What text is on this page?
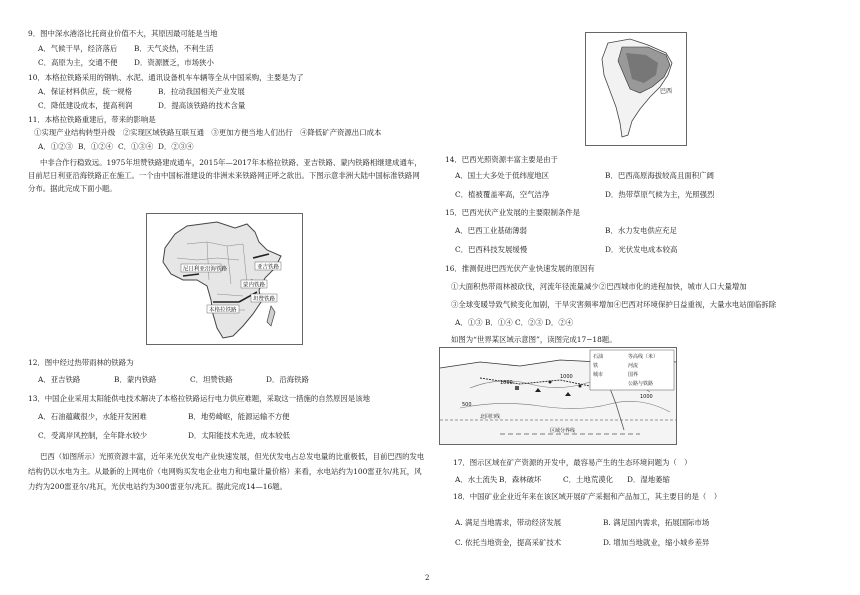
9．图中深水港洛比托商业价值不大，其原因最可能是当地
A．气候干旱，经济落后 B．天气炎热，不利生活
C．高原为主，交通不便 D．资源匮乏，市场狭小
10．本格拉铁路采用的钢轨、水泥、通讯设备机车车辆等全从中国采购，主要是为了
A．保证材料供应，统一规格	B．拉动我国相关产业发展
C．降低建设成本，提高利润	D．提高该铁路的技术含量
11．本格拉铁路重建后，带来的影响是
①实现产业结构转型升级　②实现区域铁路互联互通　③更加方便当地人们出行　④降低矿产资源出口成本
A．①②③ B．①②④ C．①③④ D．②③④
中非合作行稳致远。1975年坦赞铁路建成通车，2015年—2017年本格拉铁路、亚吉铁路、蒙内铁路相继建成通车，目前尼日利亚沿海铁路正在施工。一个由中国标准建设的非洲未来铁路网正呼之欲出。下图示意非洲大陆中国标准铁路网分布。据此完成下面小题。
尼日利亚沿海铁路	亚吉铁路
蒙内铁路
本格拉铁路
坦赞铁路
12．图中经过热带雨林的铁路为
A．亚吉铁路	B．蒙内铁路	C．坦赞铁路	D．沿海铁路
13．中国企业采用太阳能供电技术解决了本格拉铁路运行电力供应难题，采取这一措施的自然原因是该地
A．石油蕴藏很少，水能开发困难	B．地势崎岖，能源运输不方便
C．受离岸风控制，全年降水较少	D．太阳能技术先进，成本较低
巴西（如图所示）光照资源丰富，近年来光伏发电产业快速发展，但光伏发电占总发电量的比重极低，目前巴西的发电结构仍以水电为主。从最新的上网电价（电网购买发电企业电力和电量计量价格）来看，水电站约为100雷亚尔/兆瓦，风力约为200雷亚尔/兆瓦，光伏电站约为300雷亚尔/兆瓦。据此完成14—16题。
巴西
14．巴西光照资源丰富主要是由于
A．国土大多处于低纬度地区	B．巴西高原海拔较高且面积广阔
C．植被覆盖率高，空气洁净	D．热带草原气候为主，光照强烈
15．巴西光伏产业发展的主要限制条件是
A．巴西工业基础薄弱	B．水力发电供应充足
C．巴西科技发展缓慢	D．光伏发电成本较高
16．推测促进巴西光伏产业快速发展的原因有
①大面积热带雨林被砍伐，河流年径流量减少②巴西城市化的进程加快，城市人口大量增加
③全球变暖导致气候变化加剧，干旱灾害频率增加④巴西对环境保护日益重视，大量水电站面临拆除
A．①③ B．①④ C．②③ D．②④
如图为“世界某区域示意图”，读图完成17−18题。
石油
铁
城市
等高线（米）
河流
国界
公路与铁路
1000
1000
1000
北回归线
区域分界线
500
17．图示区域在矿产资源的开发中，最容易产生的生态环境问题为（　）
A．水土流失 B．森林破坏	C．土地荒漠化 D．湿地萎缩
18．中国矿业企业近年来在该区域开展矿产采掘和产品加工，其主要目的是（　）
A. 满足当地需求，带动经济发展	B. 满足国内需求，拓展国际市场
C. 依托当地资金，提高采矿技术	D. 增加当地就业，缩小城乡差异
2
